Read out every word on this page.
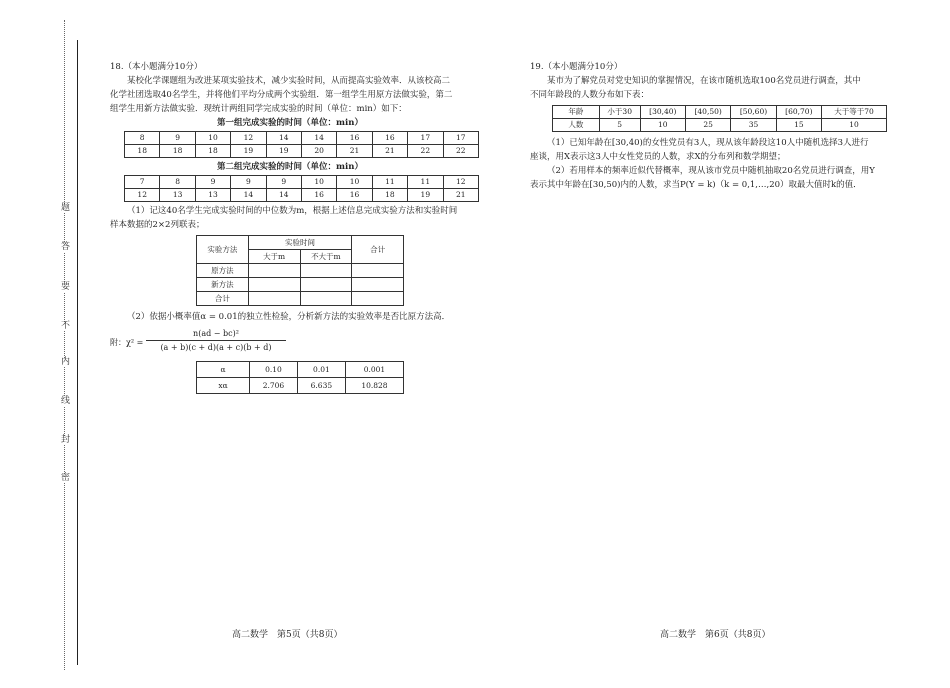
题
答
要
不
内
线
封
密

18.（本小题满分10分）

某校化学课题组为改进某项实验技术，减少实验时间，从而提高实验效率．从该校高二

化学社团选取40名学生，并将他们平均分成两个实验组．第一组学生用原方法做实验，第二

组学生用新方法做实验．现统计两组同学完成实验的时间（单位：min）如下：

第一组完成实验的时间（单位：min）

8	9	10	12	14	14	16	16	17	17
18	18	18	19	19	20	21	21	22	22

第二组完成实验的时间（单位：min）

7	8	9	9	9	10	10	11	11	12
12	13	13	14	14	16	16	18	19	21

（1）记这40名学生完成实验时间的中位数为m，根据上述信息完成实验方法和实验时间

样本数据的2×2列联表；

实验方法	实验时间		合计
	大于m	不大于m	
原方法			
新方法			
合计			

（2）依据小概率值α = 0.01的独立性检验，分析新方法的实验效率是否比原方法高．

附：χ² =
n(ad − bc)²
(a + b)(c + d)(a + c)(b + d)
α	0.10	0.01	0.001
xα	2.706	6.635	10.828

19.（本小题满分10分）

某市为了解党员对党史知识的掌握情况，在该市随机选取100名党员进行调查，其中

不同年龄段的人数分布如下表：

年龄	小于30	[30,40)	[40,50)	[50,60)	[60,70)	大于等于70
人数	5	10	25	35	15	10

（1）已知年龄在[30,40)的女性党员有3人，现从该年龄段这10人中随机选择3人进行

座谈，用X表示这3人中女性党员的人数，求X的分布列和数学期望；

（2）若用样本的频率近似代替概率，现从该市党员中随机抽取20名党员进行调查，用Y

表示其中年龄在[30,50)内的人数，求当P(Y = k)（k = 0,1,…,20）取最大值时k的值．

高二数学　第5页（共8页）	高二数学　第6页（共8页）
